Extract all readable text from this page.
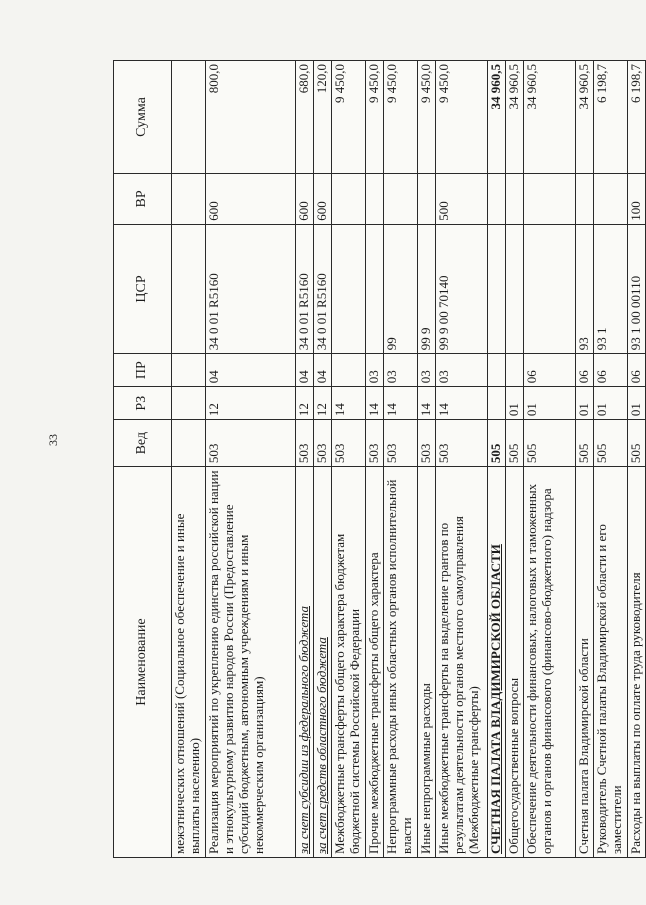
33
Наименование	Вед	РЗ	ПР	ЦСР	ВР	Сумма
межэтнических отношений (Социальное обеспечение и иные выплаты населению)						
Реализация мероприятий по укреплению единства российской нации и этнокультурному развитию народов России (Предоставление субсидий бюджетным, автономным учреждениям и иным некоммерческим организациям)	503	12	04	34 0 01 R5160	600	800,0
за счет субсидии из федерального бюджета	503	12	04	34 0 01 R5160	600	680,0
за счет средств областного бюджета	503	12	04	34 0 01 R5160	600	120,0
Межбюджетные трансферты общего характера бюджетам бюджетной системы Российской Федерации	503	14				9 450,0
Прочие межбюджетные трансферты общего характера	503	14	03			9 450,0
Непрограммные расходы иных областных органов исполнительной власти	503	14	03	99		9 450,0
Иные непрограммные расходы	503	14	03	99 9		9 450,0
Иные межбюджетные трансферты на выделение грантов по результатам деятельности органов местного самоуправления (Межбюджетные трансферты)	503	14	03	99 9 00 70140	500	9 450,0
СЧЕТНАЯ ПАЛАТА ВЛАДИМИРСКОЙ ОБЛАСТИ	505					34 960,5
Общегосударственные вопросы	505	01				34 960,5
Обеспечение деятельности финансовых, налоговых и таможенных органов и органов финансового (финансово-бюджетного) надзора	505	01	06			34 960,5
Счетная палата Владимирской области	505	01	06	93		34 960,5
Руководитель Счетной палаты Владимирской области и его заместители	505	01	06	93 1		6 198,7
Расходы на выплаты по оплате труда руководителя	505	01	06	93 1 00 00110	100	6 198,7
